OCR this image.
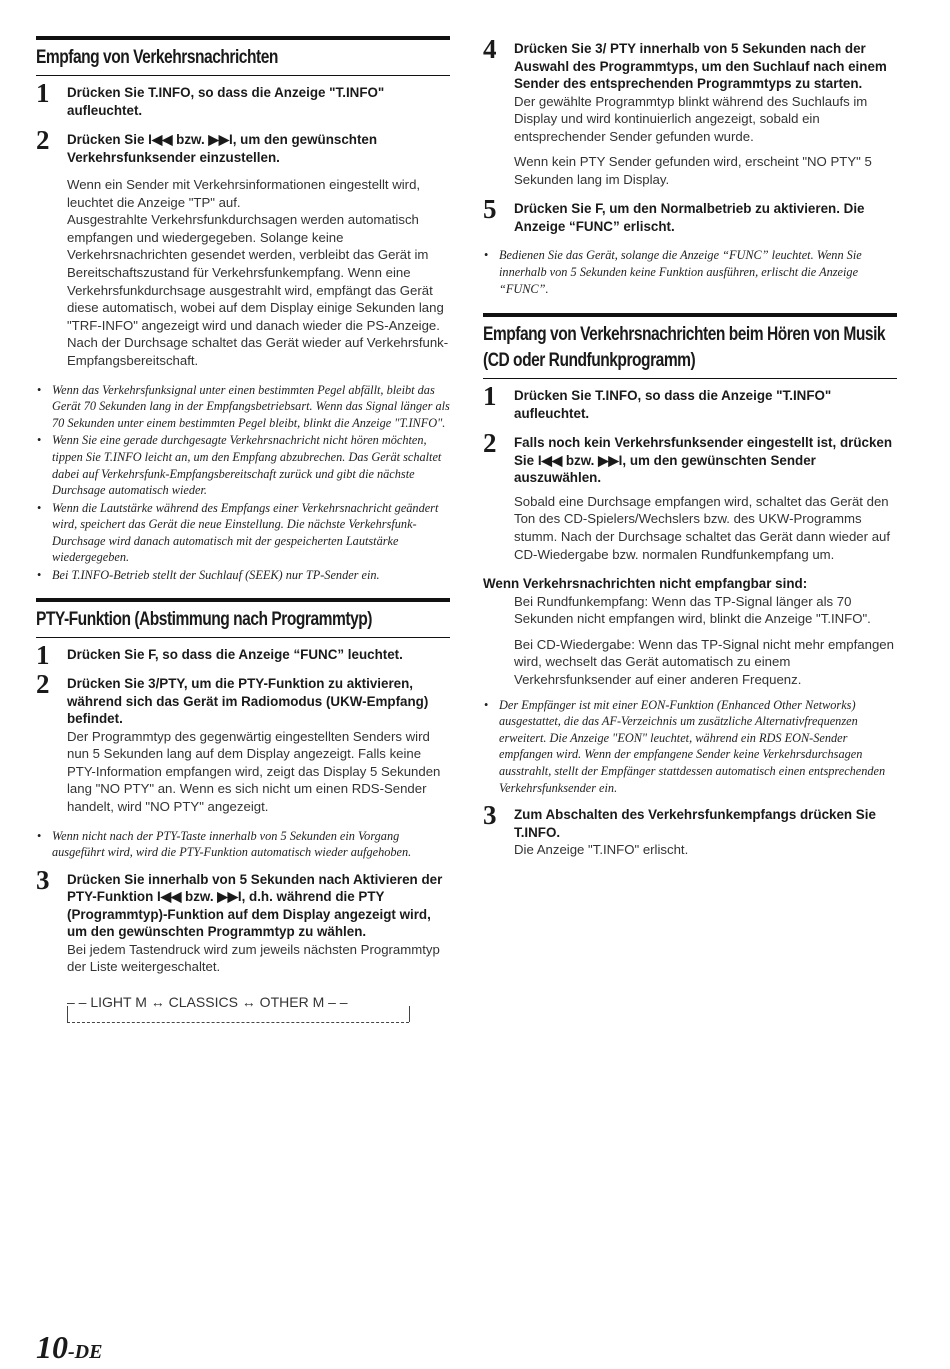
Empfang von Verkehrsnachrichten
1 Drücken Sie T.INFO, so dass die Anzeige "T.INFO" aufleuchtet.
2 Drücken Sie I◀◀ bzw. ▶▶I, um den gewünschten Verkehrsfunksender einzustellen.

Wenn ein Sender mit Verkehrsinformationen eingestellt wird, leuchtet die Anzeige "TP" auf.

Ausgestrahlte Verkehrsfunkdurchsagen werden automatisch empfangen und wiedergegeben. Solange keine Verkehrsnachrichten gesendet werden, verbleibt das Gerät im Bereitschaftszustand für Verkehrsfunkempfang. Wenn eine Verkehrsfunkdurchsage ausgestrahlt wird, empfängt das Gerät diese automatisch, wobei auf dem Display einige Sekunden lang "TRF-INFO" angezeigt wird und danach wieder die PS-Anzeige.

Nach der Durchsage schaltet das Gerät wieder auf Verkehrsfunk-Empfangsbereitschaft.

• Wenn das Verkehrsfunksignal unter einen bestimmten Pegel abfällt, bleibt das Gerät 70 Sekunden lang in der Empfangsbetriebsart. Wenn das Signal länger als 70 Sekunden unter einem bestimmten Pegel bleibt, blinkt die Anzeige "T.INFO".
• Wenn Sie eine gerade durchgesagte Verkehrsnachricht nicht hören möchten, tippen Sie T.INFO leicht an, um den Empfang abzubrechen. Das Gerät schaltet dabei auf Verkehrsfunk-Empfangsbereitschaft zurück und gibt die nächste Durchsage automatisch wieder.
• Wenn die Lautstärke während des Empfangs einer Verkehrsnachricht geändert wird, speichert das Gerät die neue Einstellung. Die nächste Verkehrsfunk-Durchsage wird danach automatisch mit der gespeicherten Lautstärke wiedergegeben.
• Bei T.INFO-Betrieb stellt der Suchlauf (SEEK) nur TP-Sender ein.
PTY-Funktion (Abstimmung nach Programmtyp)
1 Drücken Sie F, so dass die Anzeige “FUNC” leuchtet.
2 Drücken Sie 3/PTY, um die PTY-Funktion zu aktivieren, während sich das Gerät im Radiomodus (UKW-Empfang) befindet.
Der Programmtyp des gegenwärtig eingestellten Senders wird nun 5 Sekunden lang auf dem Display angezeigt. Falls keine PTY-Information empfangen wird, zeigt das Display 5 Sekunden lang "NO PTY" an. Wenn es sich nicht um einen RDS-Sender handelt, wird "NO PTY" angezeigt.
• Wenn nicht nach der PTY-Taste innerhalb von 5 Sekunden ein Vorgang ausgeführt wird, wird die PTY-Funktion automatisch wieder aufgehoben.
3 Drücken Sie innerhalb von 5 Sekunden nach Aktivieren der PTY-Funktion I◀◀ bzw. ▶▶I, d.h. während die PTY (Programmtyp)-Funktion auf dem Display angezeigt wird, um den gewünschten Programmtyp zu wählen.
Bei jedem Tastendruck wird zum jeweils nächsten Programmtyp der Liste weitergeschaltet.
– – LIGHT M ↔ CLASSICS ↔ OTHER M – –
4 Drücken Sie 3/ PTY innerhalb von 5 Sekunden nach der Auswahl des Programmtyps, um den Suchlauf nach einem Sender des entsprechenden Programmtyps zu starten.

Der gewählte Programmtyp blinkt während des Suchlaufs im Display und wird kontinuierlich angezeigt, sobald ein entsprechender Sender gefunden wurde.

Wenn kein PTY Sender gefunden wird, erscheint "NO PTY" 5 Sekunden lang im Display.

5 Drücken Sie F, um den Normalbetrieb zu aktivieren. Die Anzeige “FUNC” erlischt.
• Bedienen Sie das Gerät, solange die Anzeige “FUNC” leuchtet. Wenn Sie innerhalb von 5 Sekunden keine Funktion ausführen, erlischt die Anzeige “FUNC”.
Empfang von Verkehrsnachrichten beim Hören von Musik (CD oder Rundfunkprogramm)
1 Drücken Sie T.INFO, so dass die Anzeige "T.INFO" aufleuchtet.
2 Falls noch kein Verkehrsfunksender eingestellt ist, drücken Sie I◀◀ bzw. ▶▶I, um den gewünschten Sender auszuwählen.
Sobald eine Durchsage empfangen wird, schaltet das Gerät den Ton des CD-Spielers/Wechslers bzw. des UKW-Programms stumm. Nach der Durchsage schaltet das Gerät dann wieder auf CD-Wiedergabe bzw. normalen Rundfunkempfang um.
Wenn Verkehrsnachrichten nicht empfangbar sind:

Bei Rundfunkempfang: Wenn das TP-Signal länger als 70 Sekunden nicht empfangen wird, blinkt die Anzeige "T.INFO".

Bei CD-Wiedergabe: Wenn das TP-Signal nicht mehr empfangen wird, wechselt das Gerät automatisch zu einem Verkehrsfunksender auf einer anderen Frequenz.

• Der Empfänger ist mit einer EON-Funktion (Enhanced Other Networks) ausgestattet, die das AF-Verzeichnis um zusätzliche Alternativfrequenzen erweitert. Die Anzeige "EON" leuchtet, während ein RDS EON-Sender empfangen wird. Wenn der empfangene Sender keine Verkehrsdurchsagen ausstrahlt, stellt der Empfänger stattdessen automatisch einen entsprechenden Verkehrsfunksender ein.
3 Zum Abschalten des Verkehrsfunkempfangs drücken Sie T.INFO.
Die Anzeige "T.INFO" erlischt.
10-DE
